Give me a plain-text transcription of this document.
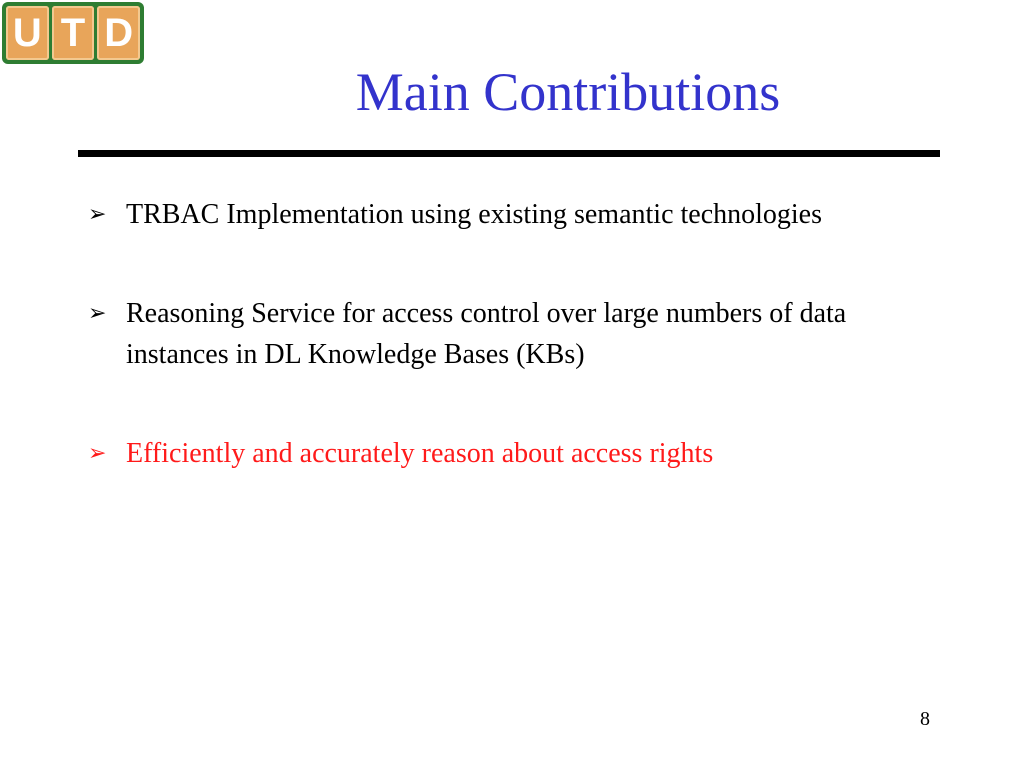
U T D
Main Contributions
➢ TRBAC Implementation using existing semantic technologies
➢ Reasoning Service for access control over large numbers of data instances in DL Knowledge Bases (KBs)
➢ Efficiently and accurately reason about access rights
8
